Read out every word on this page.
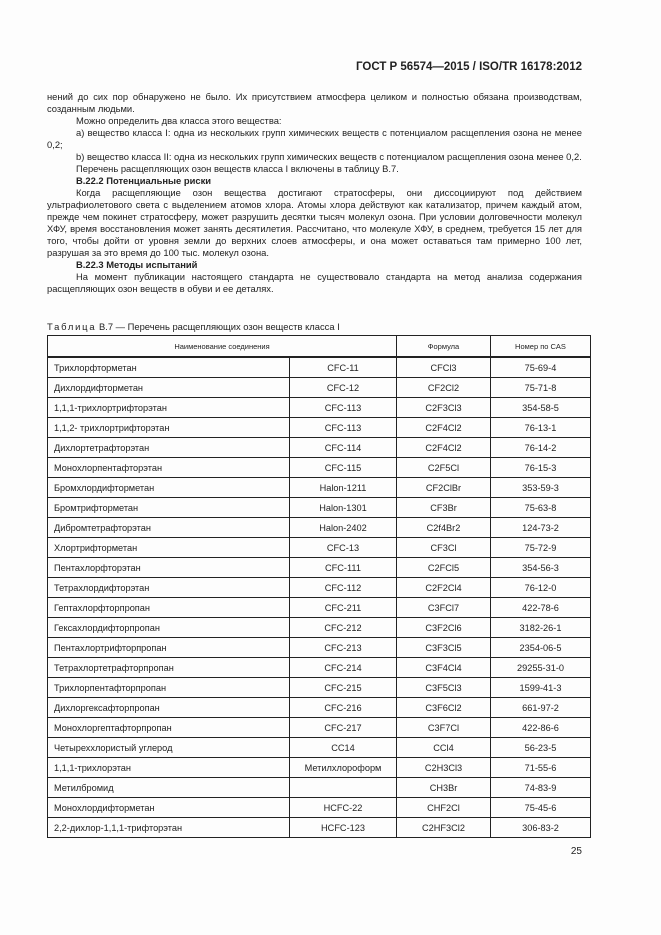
ГОСТ Р 56574—2015 / ISO/TR 16178:2012

нений до сих пор обнаружено не было. Их присутствием атмосфера целиком и полностью обязана производствам, созданным людьми.

Можно определить два класса этого вещества:

a) вещество класса I: одна из нескольких групп химических веществ с потенциалом расщепления озона не менее 0,2;

b) вещество класса II: одна из нескольких групп химических веществ с потенциалом расщепления озона менее 0,2.

Перечень расщепляющих озон веществ класса I включены в таблицу В.7.

В.22.2 Потенциальные риски

Когда расщепляющие озон вещества достигают стратосферы, они диссоциируют под действием ультрафиолетового света с выделением атомов хлора. Атомы хлора действуют как катализатор, причем каждый атом, прежде чем покинет стратосферу, может разрушить десятки тысяч молекул озона. При условии долговечности молекул ХФУ, время восстановления может занять десятилетия. Рассчитано, что молекуле ХФУ, в среднем, требуется 15 лет для того, чтобы дойти от уровня земли до верхних слоев атмосферы, и она может оставаться там примерно 100 лет, разрушая за это время до 100 тыс. молекул озона.

В.22.3 Методы испытаний

На момент публикации настоящего стандарта не существовало стандарта на метод анализа содержания расщепляющих озон веществ в обуви и ее деталях.

Таблица В.7 — Перечень расщепляющих озон веществ класса I
Наименование соединения		Формула	Номер по CAS
Трихлорфторметан	CFC-11	CFCl3	75-69-4
Дихлордифторметан	CFC-12	CF2Cl2	75-71-8
1,1,1-трихлортрифторэтан	CFC-113	C2F3Cl3	354-58-5
1,1,2- трихлортрифторэтан	CFC-113	C2F4Cl2	76-13-1
Дихлортетрафторэтан	CFC-114	C2F4Cl2	76-14-2
Монохлорпентафторэтан	CFC-115	C2F5Cl	76-15-3
Бромхлордифторметан	Halon-1211	CF2ClBr	353-59-3
Бромтрифторметан	Halon-1301	CF3Br	75-63-8
Дибромтетрафторэтан	Halon-2402	C2f4Br2	124-73-2
Хлортрифторметан	CFC-13	CF3Cl	75-72-9
Пентахлорфторэтан	CFC-111	C2FCl5	354-56-3
Тетрахлордифторэтан	CFC-112	C2F2Cl4	76-12-0
Гептахлорфторпропан	CFC-211	C3FCl7	422-78-6
Гексахлордифторпропан	CFC-212	C3F2Cl6	3182-26-1
Пентахлортрифторпропан	CFC-213	C3F3Cl5	2354-06-5
Тетрахлортетрафторпропан	CFC-214	C3F4Cl4	29255-31-0
Трихлорпентафторпропан	CFC-215	C3F5Cl3	1599-41-3
Дихлоргексафторпропан	CFC-216	C3F6Cl2	661-97-2
Монохлоргептафторпропан	CFC-217	C3F7Cl	422-86-6
Четыреххлористый углерод	CC14	CCl4	56-23-5
1,1,1-трихлорэтан	Метилхлороформ	C2H3Cl3	71-55-6
Метилбромид		CH3Br	74-83-9
Монохлордифторметан	HCFC-22	CHF2Cl	75-45-6
2,2-дихлор-1,1,1-трифторэтан	HCFC-123	C2HF3Cl2	306-83-2
25
